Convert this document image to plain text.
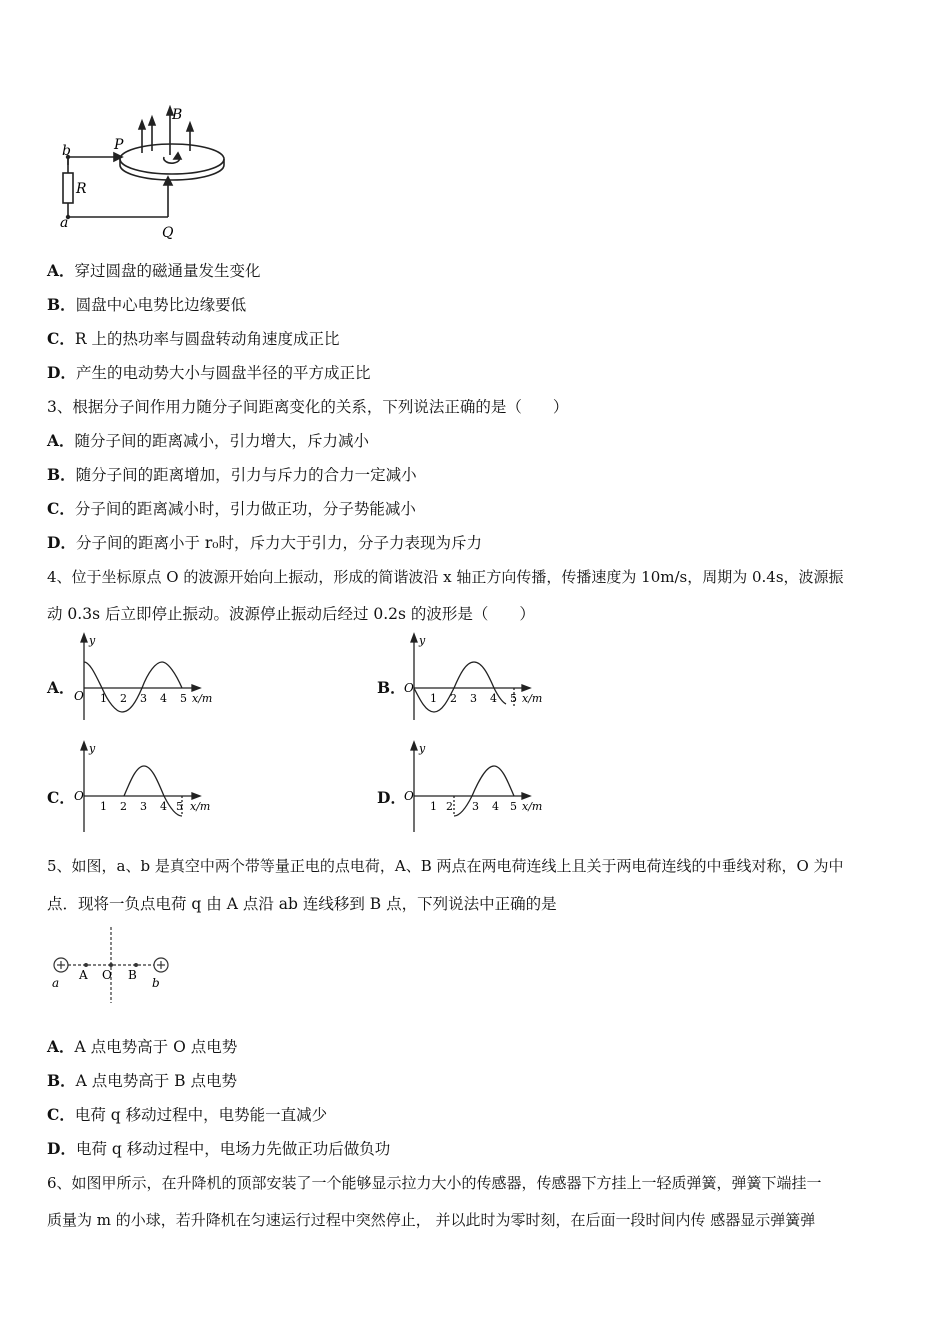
b	P
B
R
a
Q
A．穿过圆盘的磁通量发生变化
B．圆盘中心电势比边缘要低
C．R 上的热功率与圆盘转动角速度成正比
D．产生的电动势大小与圆盘半径的平方成正比
3、根据分子间作用力随分子间距离变化的关系，下列说法正确的是（　　）
A．随分子间的距离减小，引力增大，斥力减小
B．随分子间的距离增加，引力与斥力的合力一定减小
C．分子间的距离减小时，引力做正功，分子势能减小
D．分子间的距离小于 r₀时，斥力大于引力，分子力表现为斥力
4、位于坐标原点 O 的波源开始向上振动，形成的简谐波沿 x 轴正方向传播，传播速度为 10m/s，周期为 0.4s，波源振
动 0.3s 后立即停止振动。波源停止振动后经过 0.2s 的波形是（　　）
A．	B．
C．	D．
y
O 1 2 3 4 5 x/m
y
O
1 2 3 4 5 x/m
y
O
1 2 3 4 5 x/m
y
O
1 2 3 4 5 x/m
5、如图，a、b 是真空中两个带等量正电的点电荷，A、B 两点在两电荷连线上且关于两电荷连线的中垂线对称，O 为中
点．现将一负点电荷 q 由 A 点沿 ab 连线移到 B 点，下列说法中正确的是
a
A O B
b
A．A 点电势高于 O 点电势
B．A 点电势高于 B 点电势
C．电荷 q 移动过程中，电势能一直减少
D．电荷 q 移动过程中，电场力先做正功后做负功
6、如图甲所示，在升降机的顶部安装了一个能够显示拉力大小的传感器，传感器下方挂上一轻质弹簧，弹簧下端挂一
质量为 m 的小球，若升降机在匀速运行过程中突然停止， 并以此时为零时刻，在后面一段时间内传 感器显示弹簧弹
